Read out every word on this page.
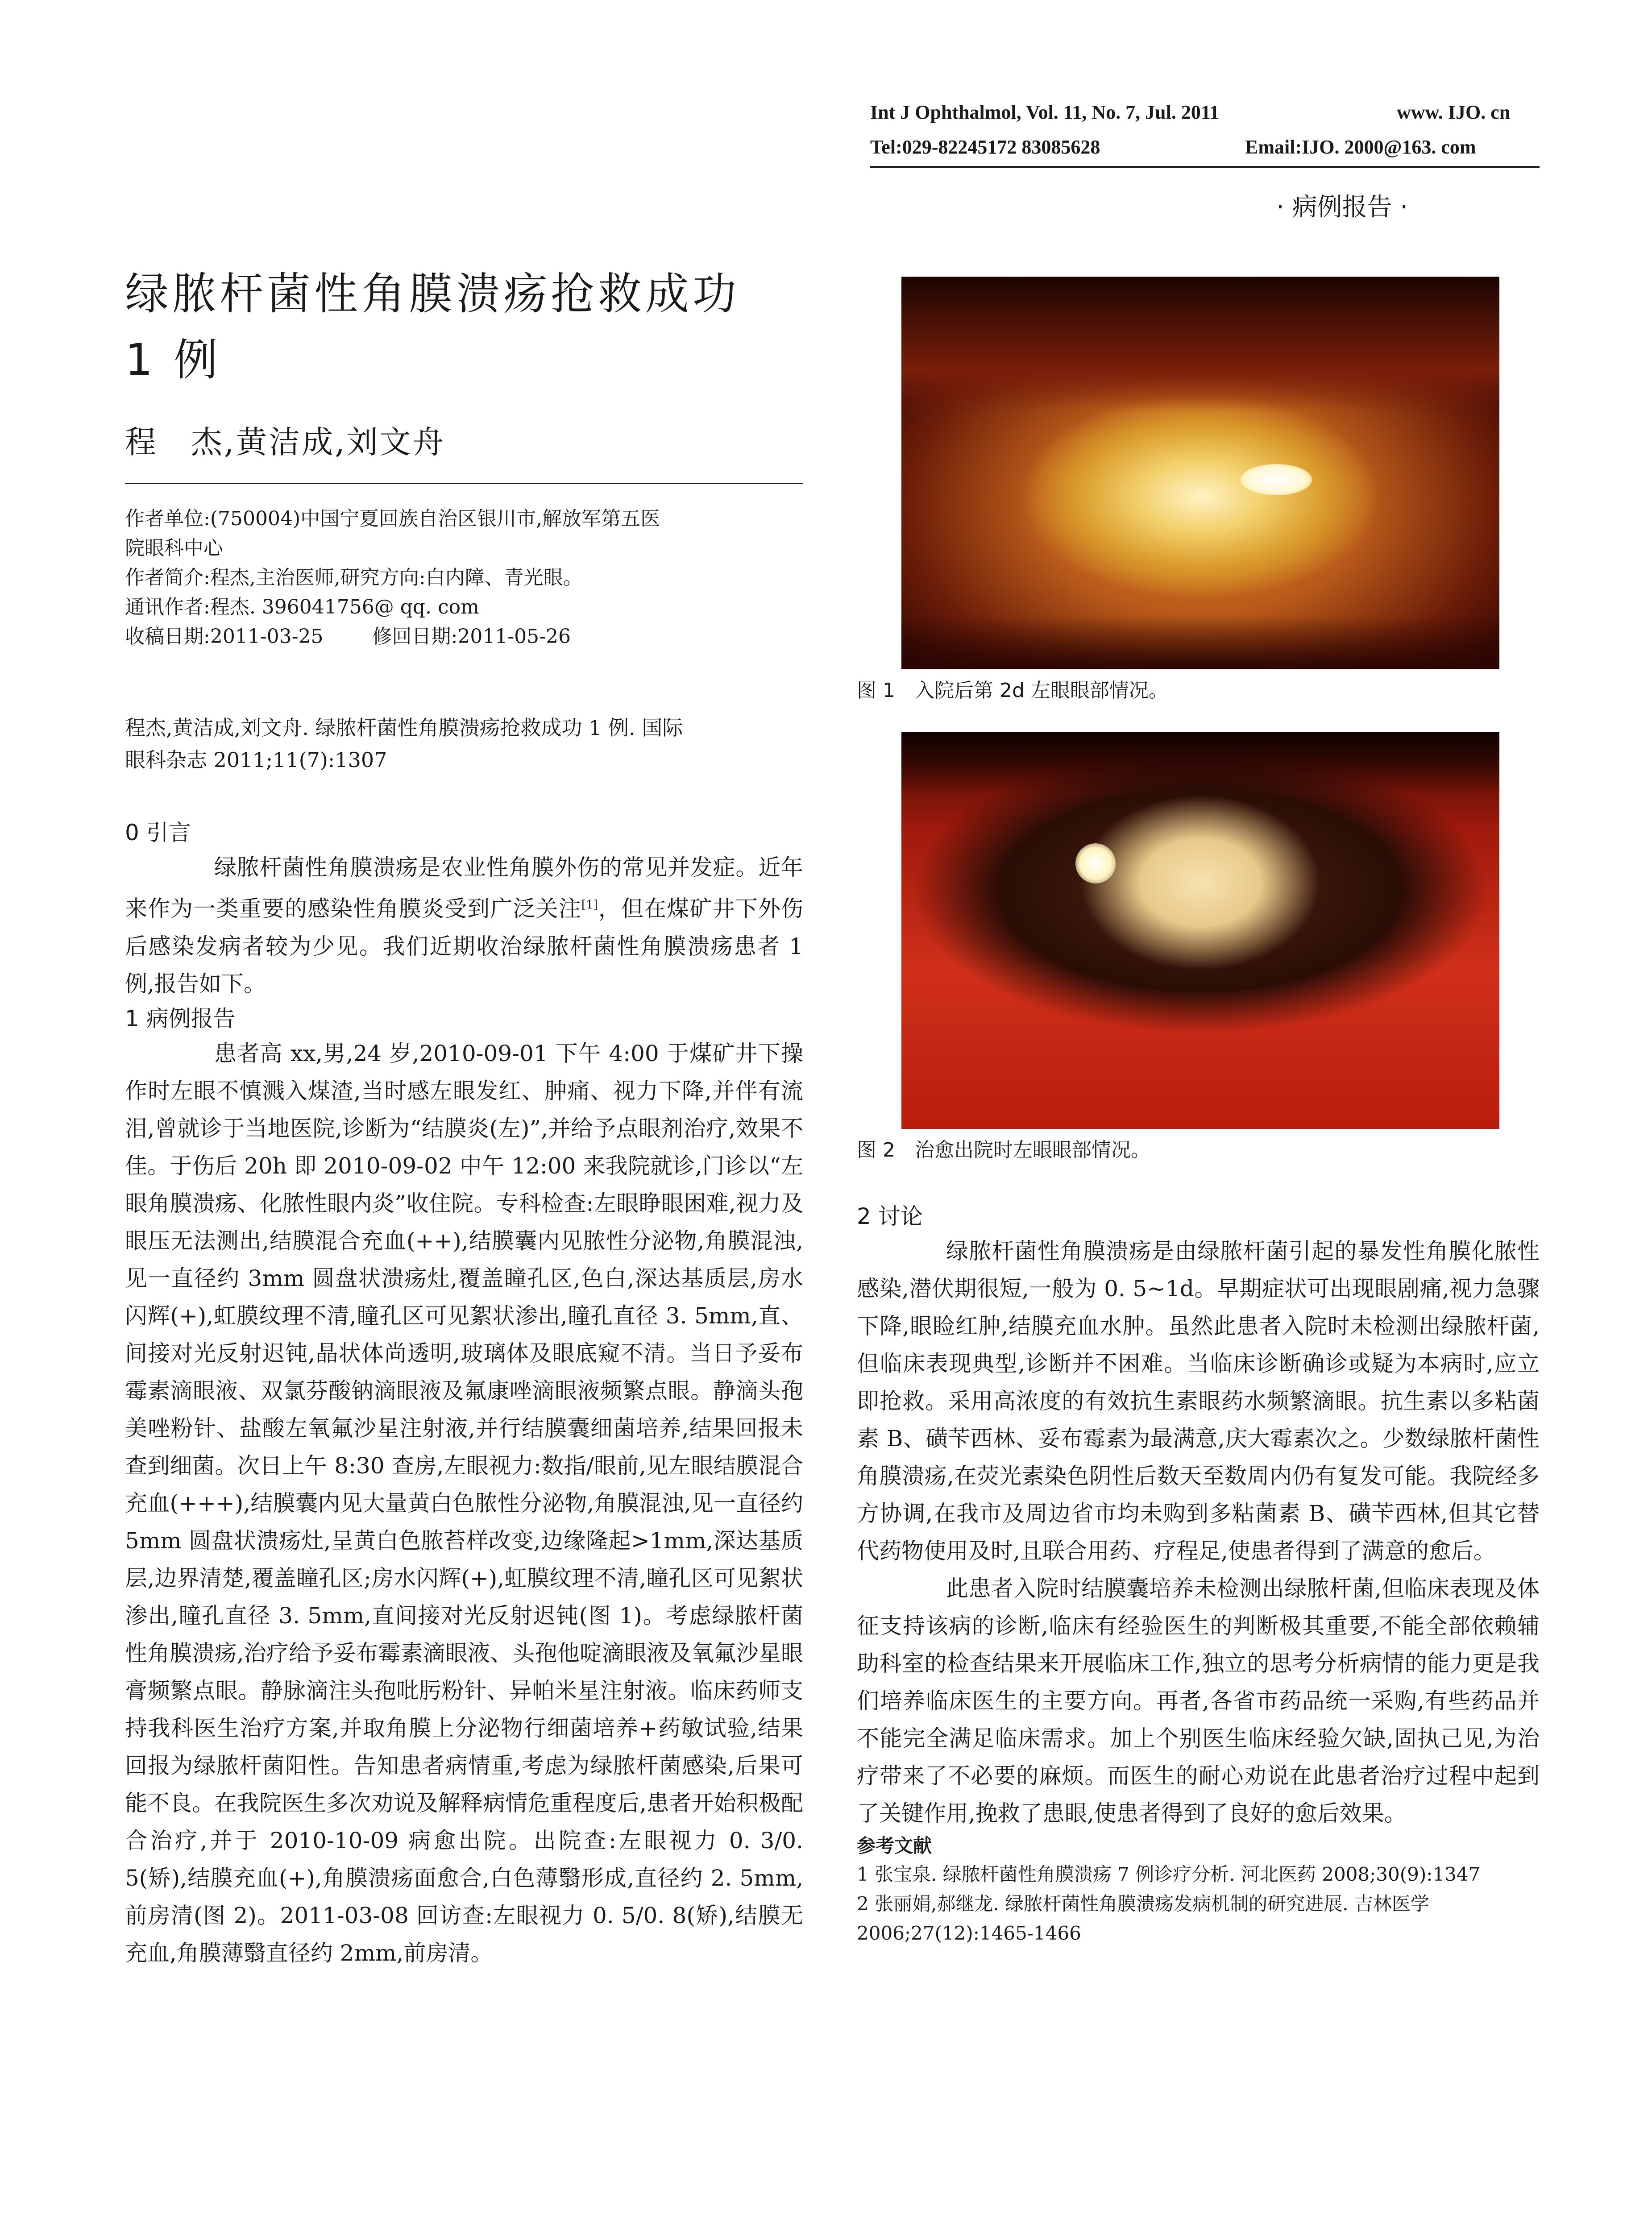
Int J Ophthalmol, Vol. 11, No. 7, Jul. 2011	www. IJO. cn
Tel:029-82245172 83085628	Email:IJO. 2000@163. com
· 病例报告 ·
绿脓杆菌性角膜溃疡抢救成功
1 例
程　杰,黄洁成,刘文舟
作者单位:(750004)中国宁夏回族自治区银川市,解放军第五医
院眼科中心
作者简介:程杰,主治医师,研究方向:白内障、青光眼。
通讯作者:程杰. 396041756@ qq. com
收稿日期:2011-03-25	修回日期:2011-05-26
程杰,黄洁成,刘文舟. 绿脓杆菌性角膜溃疡抢救成功 1 例. 国际
眼科杂志 2011;11(7):1307
0 引言

绿脓杆菌性角膜溃疡是农业性角膜外伤的常见并发症。近年来作为一类重要的感染性角膜炎受到广泛关注[1]，但在煤矿井下外伤后感染发病者较为少见。我们近期收治绿脓杆菌性角膜溃疡患者 1 例,报告如下。

1 病例报告

患者高 xx,男,24 岁,2010-09-01 下午 4:00 于煤矿井下操作时左眼不慎溅入煤渣,当时感左眼发红、肿痛、视力下降,并伴有流泪,曾就诊于当地医院,诊断为“结膜炎(左)”,并给予点眼剂治疗,效果不佳。于伤后 20h 即 2010-09-02 中午 12:00 来我院就诊,门诊以“左眼角膜溃疡、化脓性眼内炎”收住院。专科检查:左眼睁眼困难,视力及眼压无法测出,结膜混合充血(++),结膜囊内见脓性分泌物,角膜混浊,见一直径约 3mm 圆盘状溃疡灶,覆盖瞳孔区,色白,深达基质层,房水闪辉(+),虹膜纹理不清,瞳孔区可见絮状渗出,瞳孔直径 3. 5mm,直、间接对光反射迟钝,晶状体尚透明,玻璃体及眼底窥不清。当日予妥布霉素滴眼液、双氯芬酸钠滴眼液及氟康唑滴眼液频繁点眼。静滴头孢美唑粉针、盐酸左氧氟沙星注射液,并行结膜囊细菌培养,结果回报未查到细菌。次日上午 8:30 查房,左眼视力:数指/眼前,见左眼结膜混合充血(+++),结膜囊内见大量黄白色脓性分泌物,角膜混浊,见一直径约 5mm 圆盘状溃疡灶,呈黄白色脓苔样改变,边缘隆起>1mm,深达基质层,边界清楚,覆盖瞳孔区;房水闪辉(+),虹膜纹理不清,瞳孔区可见絮状渗出,瞳孔直径 3. 5mm,直间接对光反射迟钝(图 1)。考虑绿脓杆菌性角膜溃疡,治疗给予妥布霉素滴眼液、头孢他啶滴眼液及氧氟沙星眼膏频繁点眼。静脉滴注头孢吡肟粉针、异帕米星注射液。临床药师支持我科医生治疗方案,并取角膜上分泌物行细菌培养+药敏试验,结果回报为绿脓杆菌阳性。告知患者病情重,考虑为绿脓杆菌感染,后果可能不良。在我院医生多次劝说及解释病情危重程度后,患者开始积极配合治疗,并于 2010-10-09 病愈出院。出院查:左眼视力 0. 3/0. 5(矫),结膜充血(+),角膜溃疡面愈合,白色薄翳形成,直径约 2. 5mm,前房清(图 2)。2011-03-08 回访查:左眼视力 0. 5/0. 8(矫),结膜无充血,角膜薄翳直径约 2mm,前房清。

图 1　入院后第 2d 左眼眼部情况。
图 2　治愈出院时左眼眼部情况。
2 讨论

绿脓杆菌性角膜溃疡是由绿脓杆菌引起的暴发性角膜化脓性感染,潜伏期很短,一般为 0. 5~1d。早期症状可出现眼剧痛,视力急骤下降,眼睑红肿,结膜充血水肿。虽然此患者入院时未检测出绿脓杆菌,但临床表现典型,诊断并不困难。当临床诊断确诊或疑为本病时,应立即抢救。采用高浓度的有效抗生素眼药水频繁滴眼。抗生素以多粘菌素 B、磺苄西林、妥布霉素为最满意,庆大霉素次之。少数绿脓杆菌性角膜溃疡,在荧光素染色阴性后数天至数周内仍有复发可能。我院经多方协调,在我市及周边省市均未购到多粘菌素 B、磺苄西林,但其它替代药物使用及时,且联合用药、疗程足,使患者得到了满意的愈后。

此患者入院时结膜囊培养未检测出绿脓杆菌,但临床表现及体征支持该病的诊断,临床有经验医生的判断极其重要,不能全部依赖辅助科室的检查结果来开展临床工作,独立的思考分析病情的能力更是我们培养临床医生的主要方向。再者,各省市药品统一采购,有些药品并不能完全满足临床需求。加上个别医生临床经验欠缺,固执己见,为治疗带来了不必要的麻烦。而医生的耐心劝说在此患者治疗过程中起到了关键作用,挽救了患眼,使患者得到了良好的愈后效果。

参考文献

1 张宝泉. 绿脓杆菌性角膜溃疡 7 例诊疗分析. 河北医药 2008;30(9):1347

2 张丽娟,郝继龙. 绿脓杆菌性角膜溃疡发病机制的研究进展. 吉林医学 2006;27(12):1465-1466
